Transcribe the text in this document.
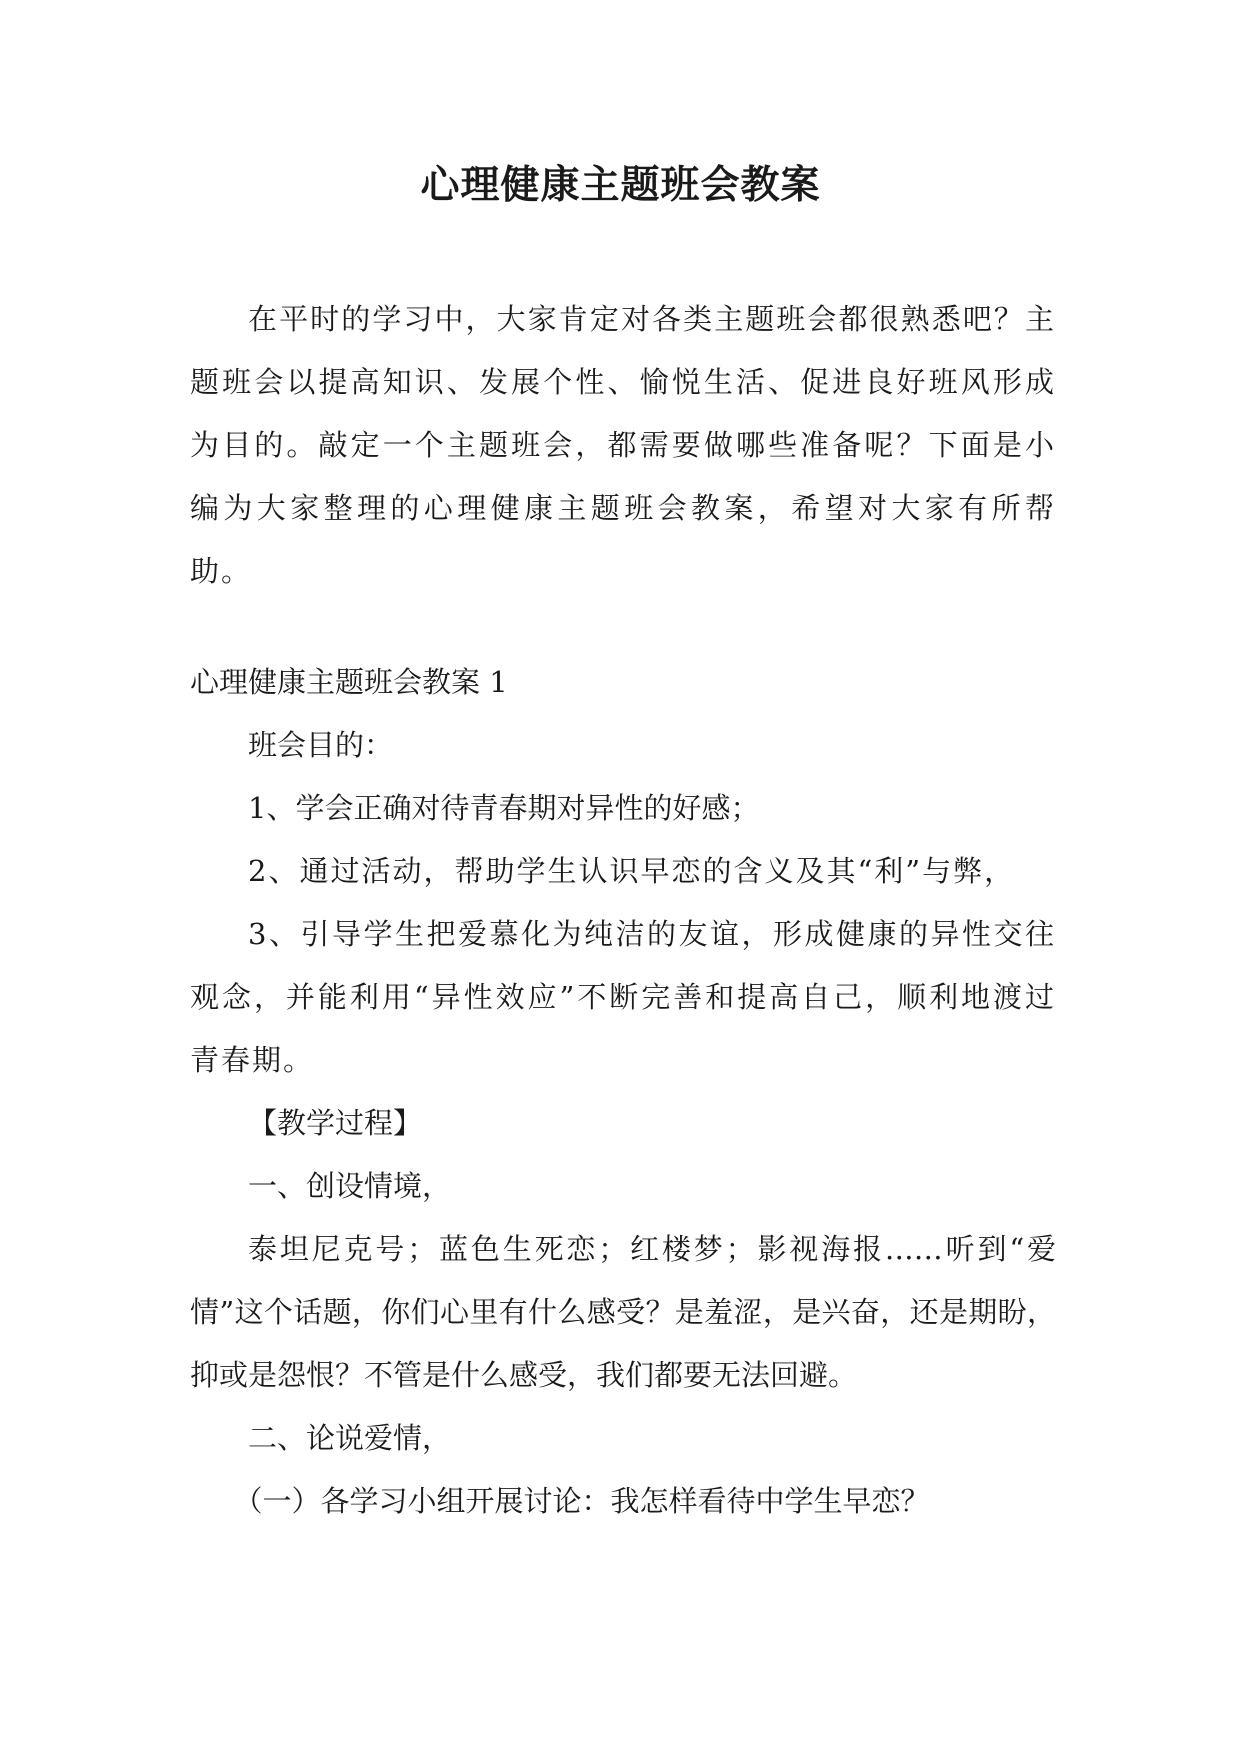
心理健康主题班会教案

在平时的学习中，大家肯定对各类主题班会都很熟悉吧？主题班会以提高知识、发展个性、愉悦生活、促进良好班风形成为目的。敲定一个主题班会，都需要做哪些准备呢？下面是小编为大家整理的心理健康主题班会教案，希望对大家有所帮助。

心理健康主题班会教案 1

班会目的：

1、学会正确对待青春期对异性的好感；

2、通过活动，帮助学生认识早恋的含义及其“利”与弊，

3、引导学生把爱慕化为纯洁的友谊，形成健康的异性交往观念，并能利用“异性效应”不断完善和提高自己，顺利地渡过青春期。

【教学过程】

一、创设情境，

泰坦尼克号；蓝色生死恋；红楼梦；影视海报……听到“爱情”这个话题，你们心里有什么感受？是羞涩，是兴奋，还是期盼，抑或是怨恨？不管是什么感受，我们都要无法回避。

二、论说爱情，

（一）各学习小组开展讨论：我怎样看待中学生早恋？
